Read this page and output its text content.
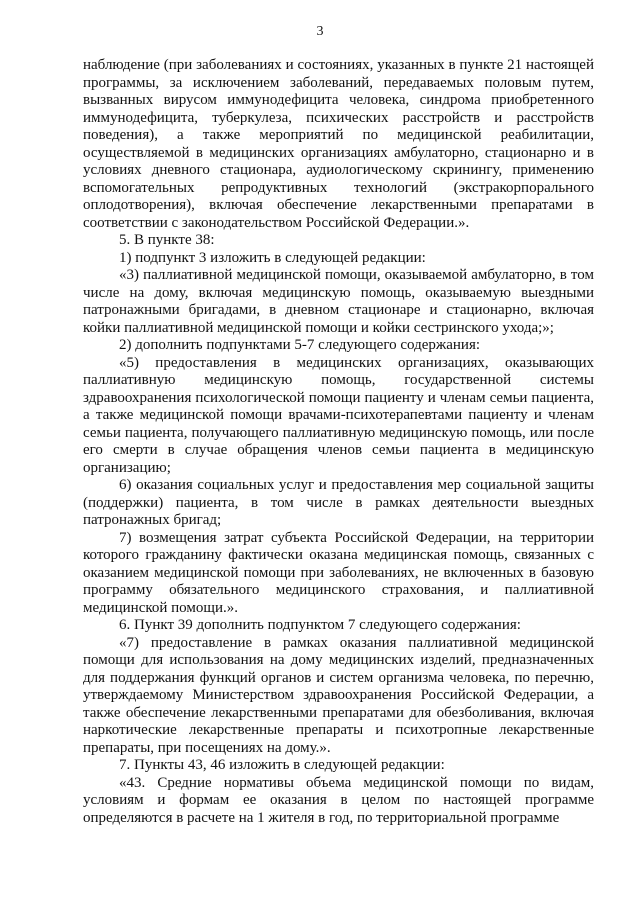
3

наблюдение (при заболеваниях и состояниях, указанных в пункте 21 настоящей программы, за исключением заболеваний, передаваемых половым путем, вызванных вирусом иммунодефицита человека, синдрома приобретенного иммунодефицита, туберкулеза, психических расстройств и расстройств поведения), а также мероприятий по медицинской реабилитации, осуществляемой в медицинских организациях амбулаторно, стационарно и в условиях дневного стационара, аудиологическому скринингу, применению вспомогательных репродуктивных технологий (экстракорпорального оплодотворения), включая обеспечение лекарственными препаратами в соответствии с законодательством Российской Федерации.».

5. В пункте 38:

1) подпункт 3 изложить в следующей редакции:

«3) паллиативной медицинской помощи, оказываемой амбулаторно, в том числе на дому, включая медицинскую помощь, оказываемую выездными патронажными бригадами, в дневном стационаре и стационарно, включая койки паллиативной медицинской помощи и койки сестринского ухода;»;

2) дополнить подпунктами 5-7 следующего содержания:

«5) предоставления в медицинских организациях, оказывающих паллиативную медицинскую помощь, государственной системы здравоохранения психологической помощи пациенту и членам семьи пациента, а также медицинской помощи врачами-психотерапевтами пациенту и членам семьи пациента, получающего паллиативную медицинскую помощь, или после его смерти в случае обращения членов семьи пациента в медицинскую организацию;

6) оказания социальных услуг и предоставления мер социальной защиты (поддержки) пациента, в том числе в рамках деятельности выездных патронажных бригад;

7) возмещения затрат субъекта Российской Федерации, на территории которого гражданину фактически оказана медицинская помощь, связанных с оказанием медицинской помощи при заболеваниях, не включенных в базовую программу обязательного медицинского страхования, и паллиативной медицинской помощи.».

6. Пункт 39 дополнить подпунктом 7 следующего содержания:

«7) предоставление в рамках оказания паллиативной медицинской помощи для использования на дому медицинских изделий, предназначенных для поддержания функций органов и систем организма человека, по перечню, утверждаемому Министерством здравоохранения Российской Федерации, а также обеспечение лекарственными препаратами для обезболивания, включая наркотические лекарственные препараты и психотропные лекарственные препараты, при посещениях на дому.».

7. Пункты 43, 46 изложить в следующей редакции:

«43. Средние нормативы объема медицинской помощи по видам, условиям и формам ее оказания в целом по настоящей программе определяются в расчете на 1 жителя в год, по территориальной программе
